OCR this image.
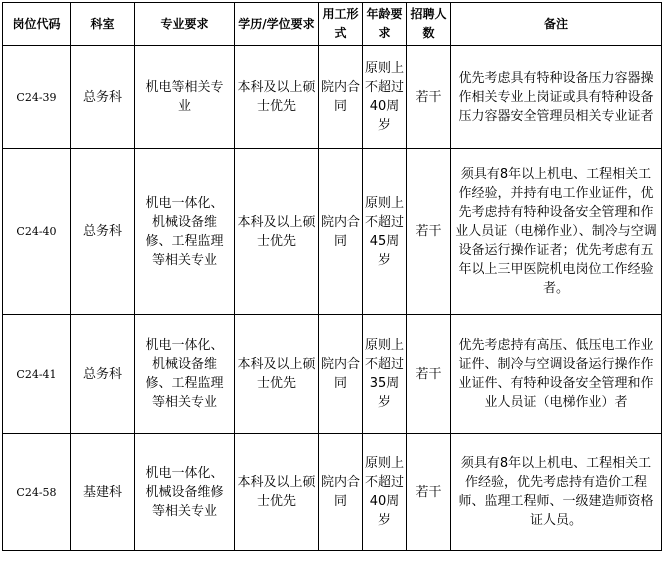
岗位代码	科室	专业要求	学历/学位要求	用工形式	年龄要求	招聘人数	备注
C24-39	总务科	机电等相关专业	本科及以上硕士优先	院内合同	原则上不超过40周岁	若干	优先考虑具有特种设备压力容器操作相关专业上岗证或具有特种设备压力容器安全管理员相关专业证者
C24-40	总务科	机电一体化、机械设备维修、工程监理等相关专业	本科及以上硕士优先	院内合同	原则上不超过45周岁	若干	须具有8年以上机电、工程相关工作经验，并持有电工作业证件，优先考虑持有特种设备安全管理和作业人员证（电梯作业）、制冷与空调设备运行操作证者；优先考虑有五年以上三甲医院机电岗位工作经验者。
C24-41	总务科	机电一体化、机械设备维修、工程监理等相关专业	本科及以上硕士优先	院内合同	原则上不超过35周岁	若干	优先考虑持有高压、低压电工作业证件、制冷与空调设备运行操作作业证件、有特种设备安全管理和作业人员证（电梯作业）者
C24-58	基建科	机电一体化、机械设备维修等相关专业	本科及以上硕士优先	院内合同	原则上不超过40周岁	若干	须具有8年以上机电、工程相关工作经验，优先考虑持有造价工程师、监理工程师、一级建造师资格证人员。
